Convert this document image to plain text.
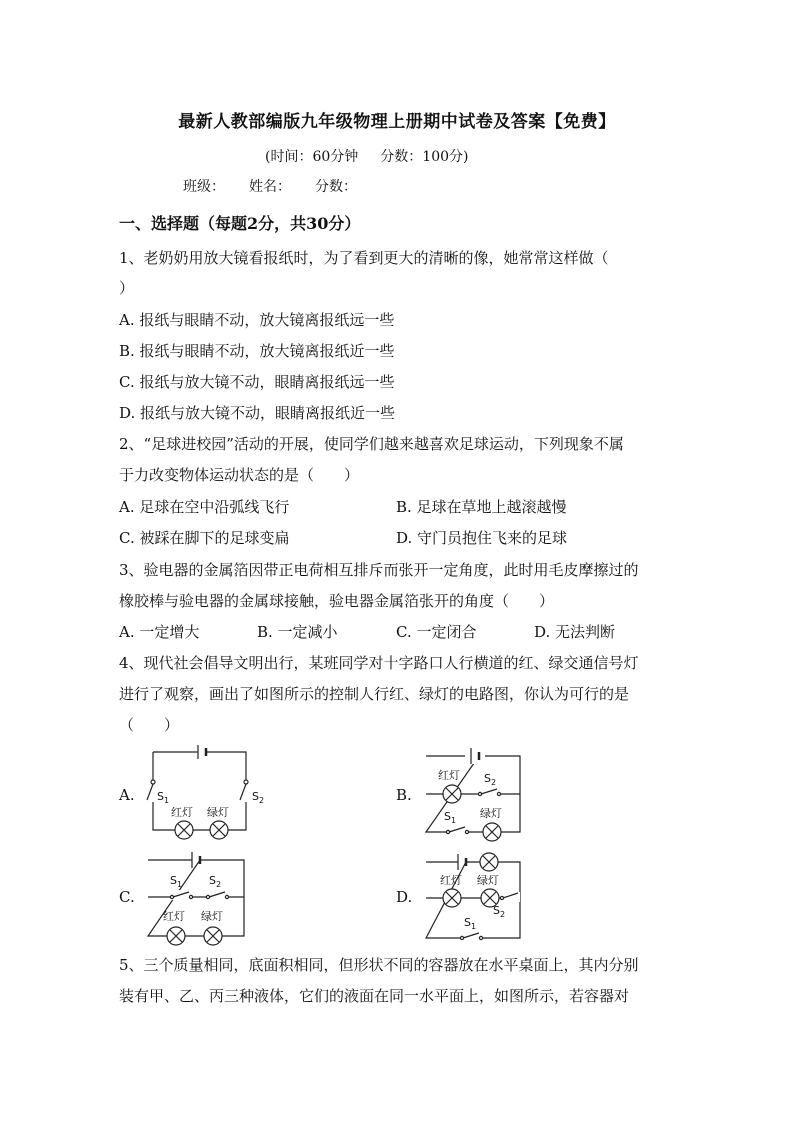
最新人教部编版九年级物理上册期中试卷及答案【免费】
(时间：60分钟 分数：100分)
班级： 姓名： 分数：
一、选择题（每题2分，共30分）
1、老奶奶用放大镜看报纸时，为了看到更大的清晰的像，她常常这样做（
）
A. 报纸与眼睛不动，放大镜离报纸远一些
B. 报纸与眼睛不动，放大镜离报纸近一些
C. 报纸与放大镜不动，眼睛离报纸远一些
D. 报纸与放大镜不动，眼睛离报纸近一些
2、“足球进校园”活动的开展，使同学们越来越喜欢足球运动，下列现象不属
于力改变物体运动状态的是（　　）
A. 足球在空中沿弧线飞行	B. 足球在草地上越滚越慢
C. 被踩在脚下的足球变扁	D. 守门员抱住飞来的足球
3、验电器的金属箔因带正电荷相互排斥而张开一定角度，此时用毛皮摩擦过的
橡胶棒与验电器的金属球接触，验电器金属箔张开的角度（　　）
A. 一定增大	B. 一定减小	C. 一定闭合	D. 无法判断
4、现代社会倡导文明出行，某班同学对十字路口人行横道的红、绿交通信号灯
进行了观察，画出了如图所示的控制人行红、绿灯的电路图，你认为可行的是
（　　）
A.	B.
C.	D.
$S_1$	$S_2$
红灯 绿灯
红灯 $S_2$
$S_1$
绿灯
$S_1$ $S_2$
红灯 绿灯
红灯 绿灯
$S_2$
$S_1$
5、三个质量相同，底面积相同，但形状不同的容器放在水平桌面上，其内分别
装有甲、乙、丙三种液体，它们的液面在同一水平面上，如图所示，若容器对
